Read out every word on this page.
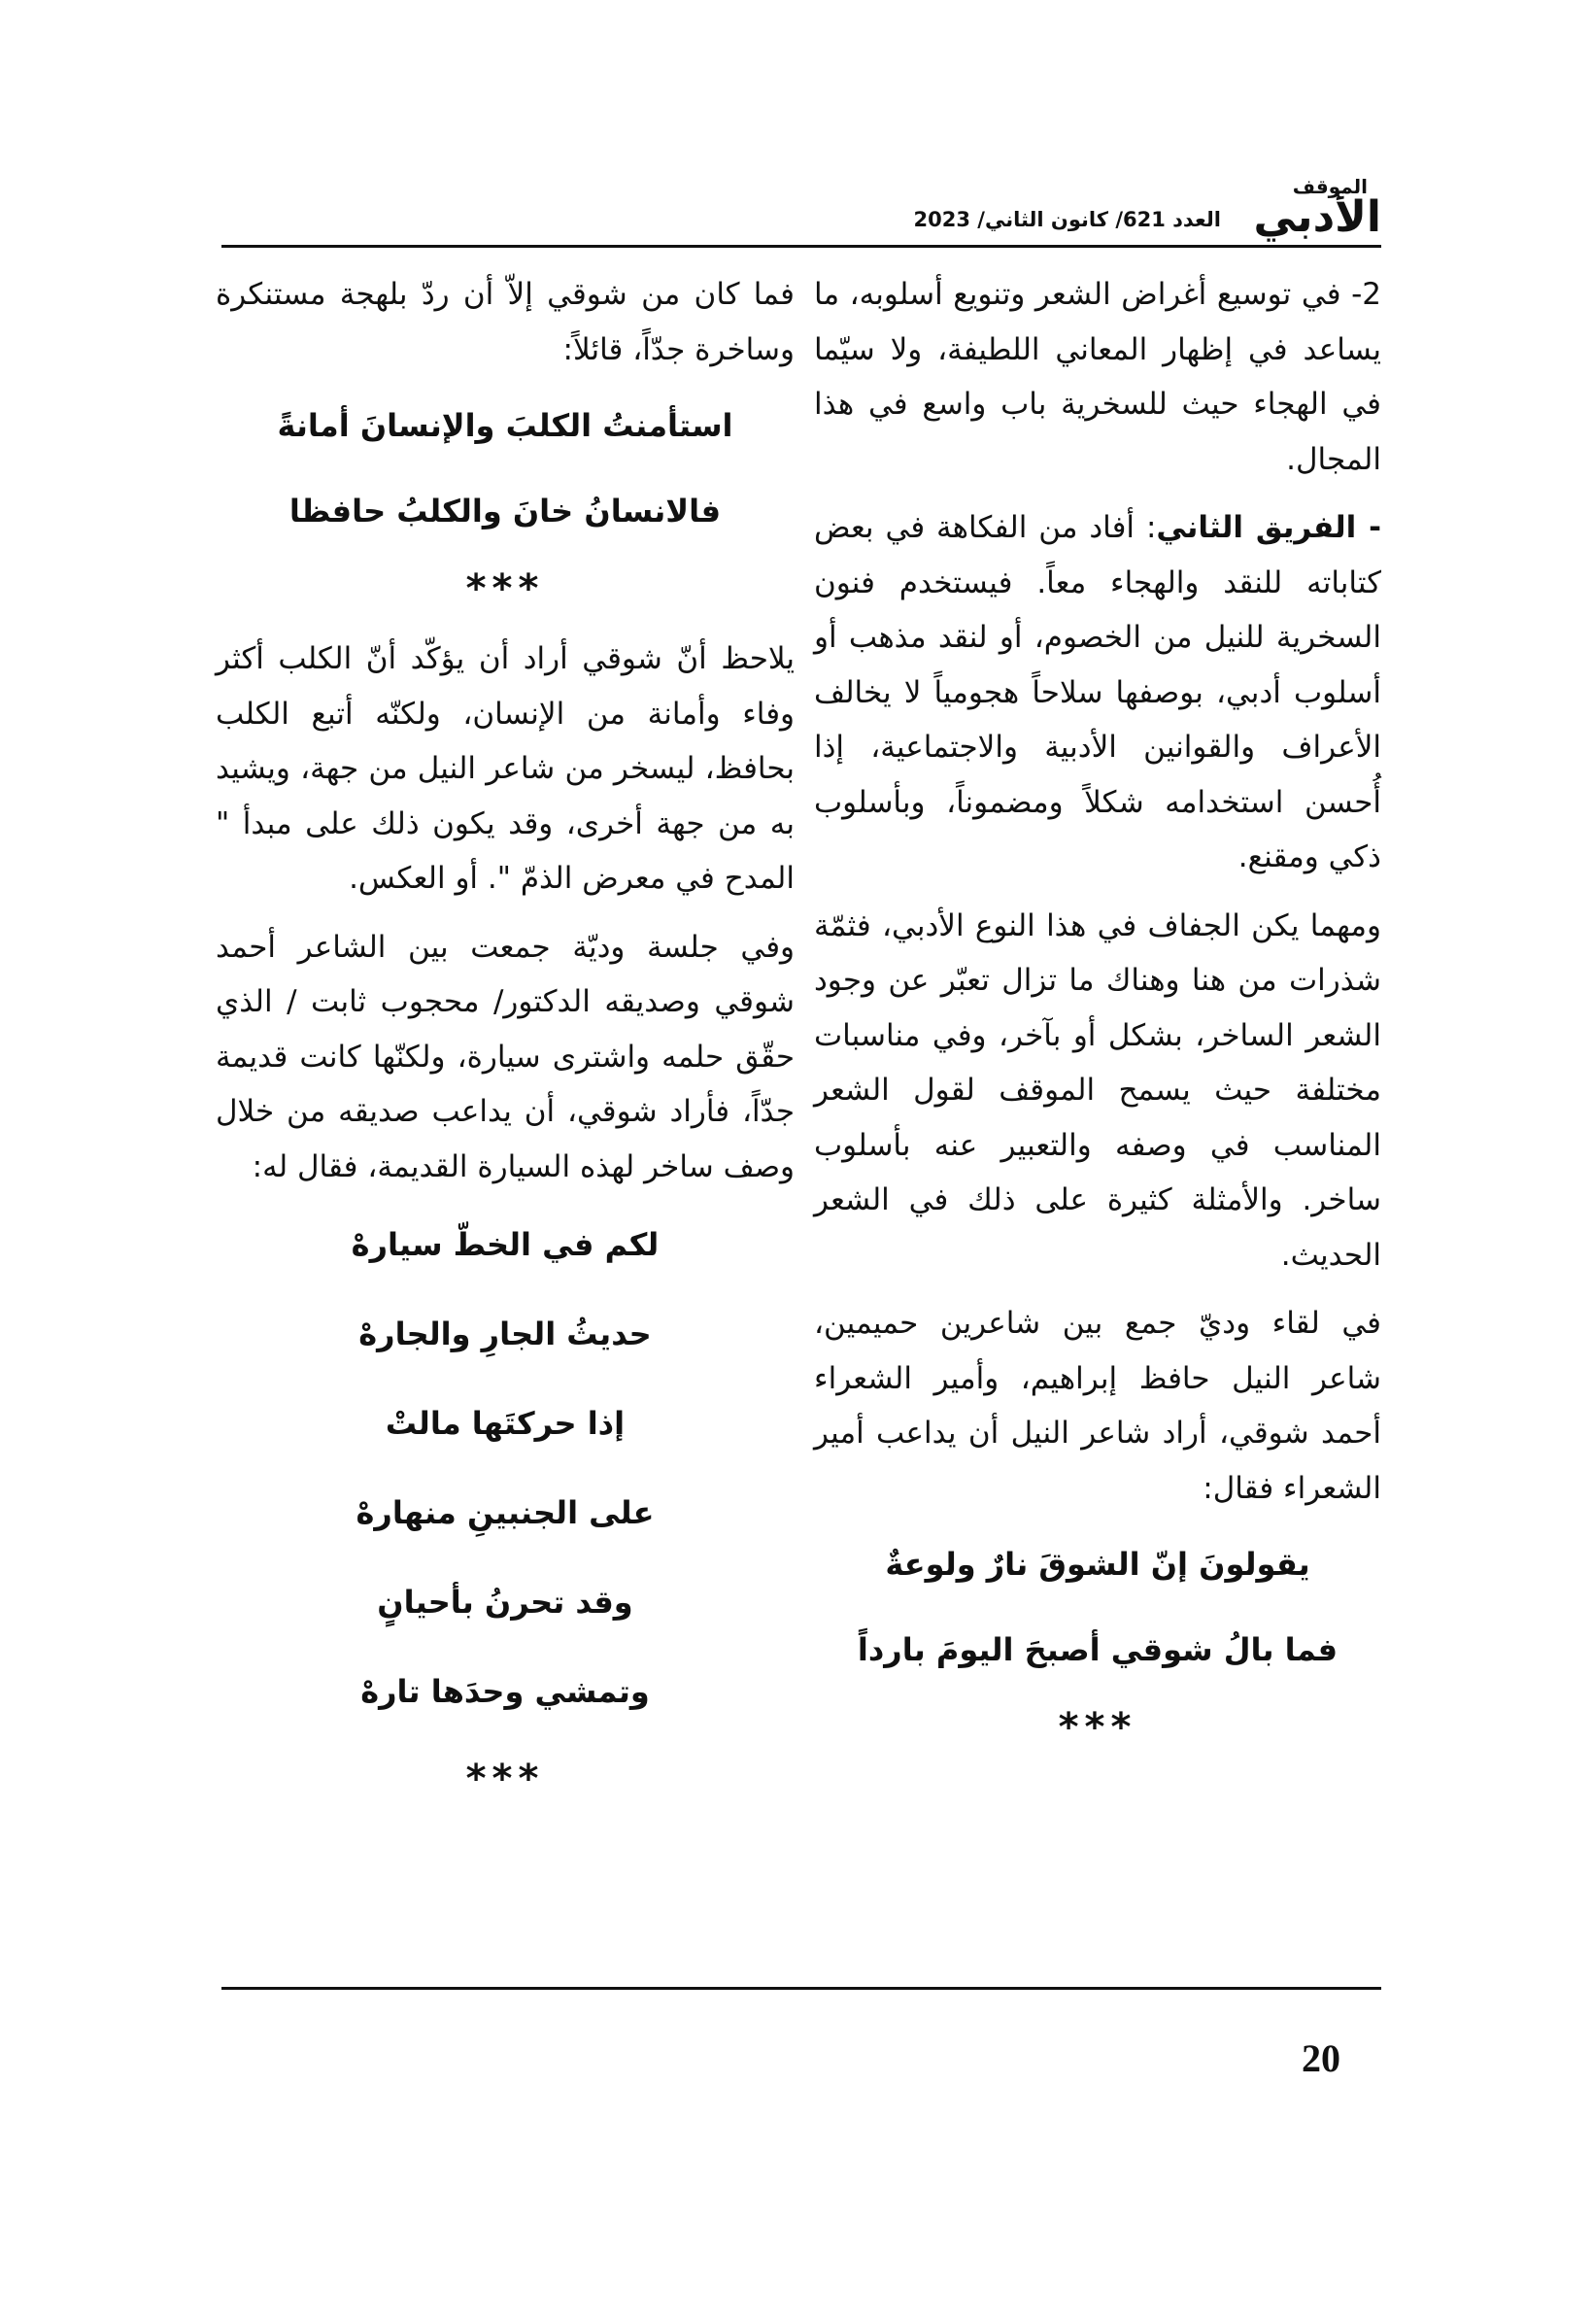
الموقف
الأدبي
العدد 621/ كانون الثاني/ 2023

2- في توسيع أغراض الشعر وتنويع أسلوبه، ما يساعد في إظهار المعاني اللطيفة، ولا سيّما في الهجاء حيث للسخرية باب واسع في هذا المجال.

- الفريق الثاني: أفاد من الفكاهة في بعض كتاباته للنقد والهجاء معاً. فيستخدم فنون السخرية للنيل من الخصوم، أو لنقد مذهب أو أسلوب أدبي، بوصفها سلاحاً هجومياً لا يخالف الأعراف والقوانين الأدبية والاجتماعية، إذا أُحسن استخدامه شكلاً ومضموناً، وبأسلوب ذكي ومقنع.

ومهما يكن الجفاف في هذا النوع الأدبي، فثمّة شذرات من هنا وهناك ما تزال تعبّر عن وجود الشعر الساخر، بشكل أو بآخر، وفي مناسبات مختلفة حيث يسمح الموقف لقول الشعر المناسب في وصفه والتعبير عنه بأسلوب ساخر. والأمثلة كثيرة على ذلك في الشعر الحديث.

في لقاء وديّ جمع بين شاعرين حميمين، شاعر النيل حافظ إبراهيم، وأمير الشعراء أحمد شوقي، أراد شاعر النيل أن يداعب أمير الشعراء فقال:

يقولونَ إنّ الشوقَ نارٌ ولوعةٌ

فما بالُ شوقي أصبحَ اليومَ بارداً

***

فما كان من شوقي إلاّ أن ردّ بلهجة مستنكرة وساخرة جدّاً، قائلاً:

استأمنتُ الكلبَ والإنسانَ أمانةً

فالانسانُ خانَ والكلبُ حافظا

***

يلاحظ أنّ شوقي أراد أن يؤكّد أنّ الكلب أكثر وفاء وأمانة من الإنسان، ولكنّه أتبع الكلب بحافظ، ليسخر من شاعر النيل من جهة، ويشيد به من جهة أخرى، وقد يكون ذلك على مبدأ " المدح في معرض الذمّ ". أو العكس.

وفي جلسة وديّة جمعت بين الشاعر أحمد شوقي وصديقه الدكتور/ محجوب ثابت / الذي حقّق حلمه واشترى سيارة، ولكنّها كانت قديمة جدّاً، فأراد شوقي، أن يداعب صديقه من خلال وصف ساخر لهذه السيارة القديمة، فقال له:

لكم في الخطّ سيارهْ

حديثُ الجارِ والجارهْ

إذا حركتَها مالتْ

على الجنبينِ منهارهْ

وقد تحرنُ بأحيانٍ

وتمشي وحدَها تارهْ

***

20
